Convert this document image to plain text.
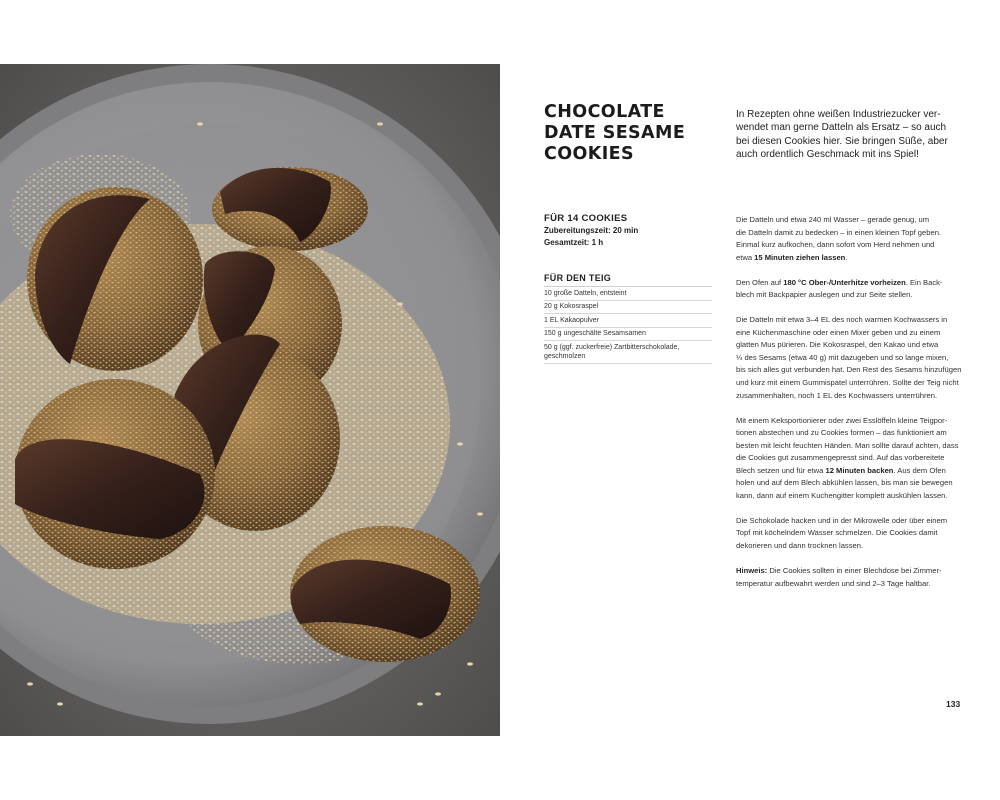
CHOCOLATE
DATE SESAME
COOKIES
In Rezepten ohne weißen Industriezucker ver-
wendet man gerne Datteln als Ersatz – so auch
bei diesen Cookies hier. Sie bringen Süße, aber
auch ordentlich Geschmack mit ins Spiel!
FÜR 14 COOKIES
Zubereitungszeit: 20 min
Gesamtzeit: 1 h
FÜR DEN TEIG
10 große Datteln, entsteint
20 g Kokosraspel
1 EL Kakaopulver
150 g ungeschälte Sesamsamen
50 g (ggf. zuckerfreie) Zartbitterschokolade, geschmolzen

Die Datteln und etwa 240 ml Wasser – gerade genug, um
die Datteln damit zu bedecken – in einen kleinen Topf geben.
Einmal kurz aufkochen, dann sofort vom Herd nehmen und
etwa 15 Minuten ziehen lassen.

Den Ofen auf 180 °C Ober-/Unterhitze vorheizen. Ein Back-
blech mit Backpapier auslegen und zur Seite stellen.

Die Datteln mit etwa 3–4 EL des noch warmen Kochwassers in
eine Küchenmaschine oder einen Mixer geben und zu einem
glatten Mus pürieren. Die Kokosraspel, den Kakao und etwa
¼ des Sesams (etwa 40 g) mit dazugeben und so lange mixen,
bis sich alles gut verbunden hat. Den Rest des Sesams hinzufügen
und kurz mit einem Gummispatel unterrühren. Sollte der Teig nicht
zusammenhalten, noch 1 EL des Kochwassers unterrühren.

Mit einem Keksportionierer oder zwei Esslöffeln kleine Teigpor-
tionen abstechen und zu Cookies formen – das funktioniert am
besten mit leicht feuchten Händen. Man sollte darauf achten, dass
die Cookies gut zusammengepresst sind. Auf das vorbereitete
Blech setzen und für etwa 12 Minuten backen. Aus dem Ofen
holen und auf dem Blech abkühlen lassen, bis man sie bewegen
kann, dann auf einem Kuchengitter komplett auskühlen lassen.

Die Schokolade hacken und in der Mikrowelle oder über einem
Topf mit köchelndem Wasser schmelzen. Die Cookies damit
dekorieren und dann trocknen lassen.

Hinweis: Die Cookies sollten in einer Blechdose bei Zimmer-
temperatur aufbewahrt werden und sind 2–3 Tage haltbar.

133
